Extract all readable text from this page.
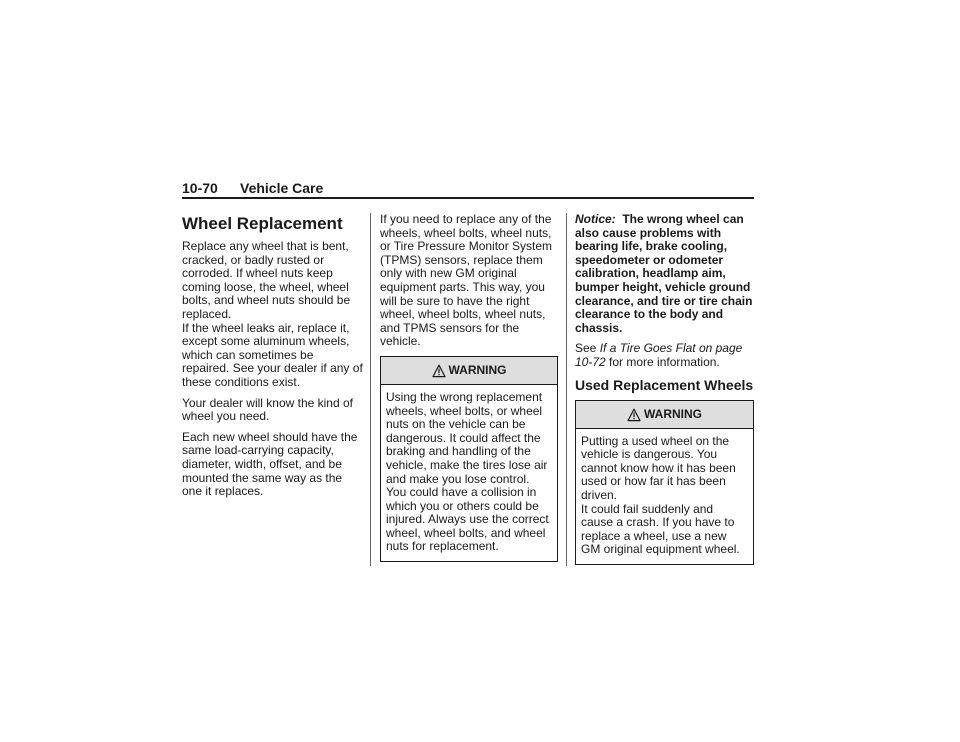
10-70 Vehicle Care
Wheel Replacement

Replace any wheel that is bent, cracked, or badly rusted or corroded. If wheel nuts keep coming loose, the wheel, wheel bolts, and wheel nuts should be replaced.

If the wheel leaks air, replace it, except some aluminum wheels, which can sometimes be repaired. See your dealer if any of these conditions exist.

Your dealer will know the kind of wheel you need.

Each new wheel should have the same load-carrying capacity, diameter, width, offset, and be mounted the same way as the one it replaces.

If you need to replace any of the wheels, wheel bolts, wheel nuts, or Tire Pressure Monitor System (TPMS) sensors, replace them only with new GM original equipment parts. This way, you will be sure to have the right wheel, wheel bolts, wheel nuts, and TPMS sensors for the vehicle.

WARNING
Using the wrong replacement wheels, wheel bolts, or wheel nuts on the vehicle can be dangerous. It could affect the braking and handling of the vehicle, make the tires lose air and make you lose control. You could have a collision in which you or others could be injured. Always use the correct wheel, wheel bolts, and wheel nuts for replacement.

Notice: The wrong wheel can also cause problems with bearing life, brake cooling, speedometer or odometer calibration, headlamp aim, bumper height, vehicle ground clearance, and tire or tire chain clearance to the body and chassis.

See If a Tire Goes Flat on page 10-72 for more information.

Used Replacement Wheels
WARNING
Putting a used wheel on the vehicle is dangerous. You cannot know how it has been used or how far it has been driven.
It could fail suddenly and cause a crash. If you have to replace a wheel, use a new GM original equipment wheel.
